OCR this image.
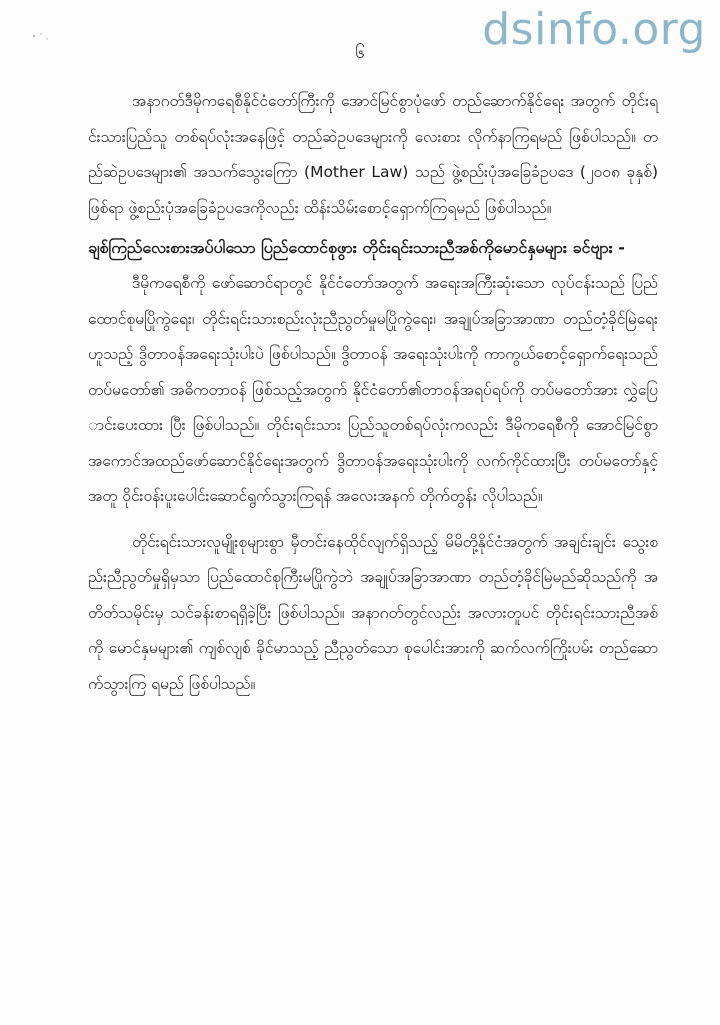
dsinfo.org
၆

အနာဂတ်ဒီမိုကရေစီနိုင်ငံတော်ကြီးကို အောင်မြင်စွာပုံဖော် တည်ဆောက်နိုင်ရေး အတွက် တိုင်းရင်းသားပြည်သူ တစ်ရပ်လုံးအနေဖြင့် တည်ဆဲဥပဒေများကို လေးစား လိုက်နာကြရမည် ဖြစ်ပါသည်။ တည်ဆဲဥပဒေများ၏ အသက်သွေးကြော (Mother Law) သည် ဖွဲ့စည်းပုံအခြေခံဥပဒေ (၂၀၀၈ ခုနှစ်) ဖြစ်ရာ ဖွဲ့စည်းပုံအခြေခံဥပဒေကိုလည်း ထိန်းသိမ်းစောင့်ရှောက်ကြရမည် ဖြစ်ပါသည်။

ချစ်ကြည်လေးစားအပ်ပါသော ပြည်ထောင်စုဖွား တိုင်းရင်းသားညီအစ်ကိုမောင်နှမများ ခင်ဗျား -

ဒီမိုကရေစီကို ဖော်ဆောင်ရာတွင် နိုင်ငံတော်အတွက် အရေးအကြီးဆုံးသော လုပ်ငန်းသည် ပြည်ထောင်စုမပြိုကွဲရေး၊ တိုင်းရင်းသားစည်းလုံးညီညွတ်မှုမပြိုကွဲရေး၊ အချုပ်အခြာအာဏာ တည်တံ့ခိုင်မြဲရေးဟူသည့် ဒွိတာဝန်အရေးသုံးပါးပဲ ဖြစ်ပါသည်။ ဒွိတာဝန် အရေးသုံးပါးကို ကာကွယ်စောင့်ရှောက်ရေးသည် တပ်မတော်၏ အဓိကတာဝန် ဖြစ်သည့်အတွက် နိုင်ငံတော်၏တာဝန်အရပ်ရပ်ကို တပ်မတော်အား လွှဲပြောင်းပေးထား ပြီး ဖြစ်ပါသည်။ တိုင်းရင်းသား ပြည်သူတစ်ရပ်လုံးကလည်း ဒီမိုကရေစီကို အောင်မြင်စွာ အကောင်အထည်ဖော်ဆောင်နိုင်ရေးအတွက် ဒွိတာဝန်အရေးသုံးပါးကို လက်ကိုင်ထားပြီး တပ်မတော်နှင့်အတူ ဝိုင်းဝန်းပူးပေါင်းဆောင်ရွက်သွားကြရန် အလေးအနက် တိုက်တွန်း လိုပါသည်။

တိုင်းရင်းသားလူမျိုးစုများစွာ မှီတင်းနေထိုင်လျက်ရှိသည့် မိမိတို့နိုင်ငံအတွက် အချင်းချင်း သွေးစည်းညီညွတ်မှုရှိမှသာ ပြည်ထောင်စုကြီးမပြိုကွဲဘဲ အချုပ်အခြာအာဏာ တည်တံ့ခိုင်မြဲမည်ဆိုသည်ကို အတိတ်သမိုင်းမှ သင်ခန်းစာရရှိခဲ့ပြီး ဖြစ်ပါသည်။ အနာဂတ်တွင်လည်း အလားတူပင် တိုင်းရင်းသားညီအစ်ကို မောင်နှမများ၏ ကျစ်လျစ် ခိုင်မာသည့် ညီညွတ်သော စုပေါင်းအားကို ဆက်လက်ကြိုးပမ်း တည်ဆောက်သွားကြ ရမည် ဖြစ်ပါသည်။
